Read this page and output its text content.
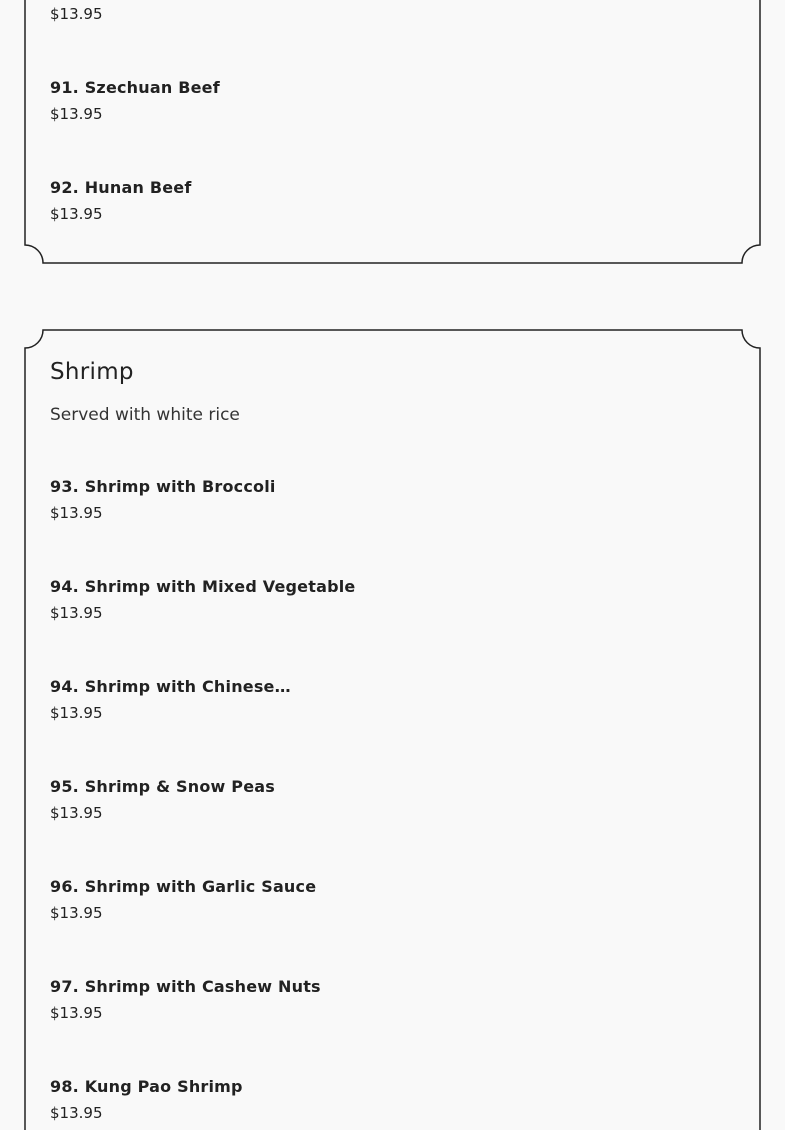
$13.95
91. Szechuan Beef
$13.95
92. Hunan Beef
$13.95
Shrimp

Served with white rice

93. Shrimp with Broccoli
$13.95
94. Shrimp with Mixed Vegetable
$13.95
94. Shrimp with Chinese…
$13.95
95. Shrimp & Snow Peas
$13.95
96. Shrimp with Garlic Sauce
$13.95
97. Shrimp with Cashew Nuts
$13.95
98. Kung Pao Shrimp
$13.95
